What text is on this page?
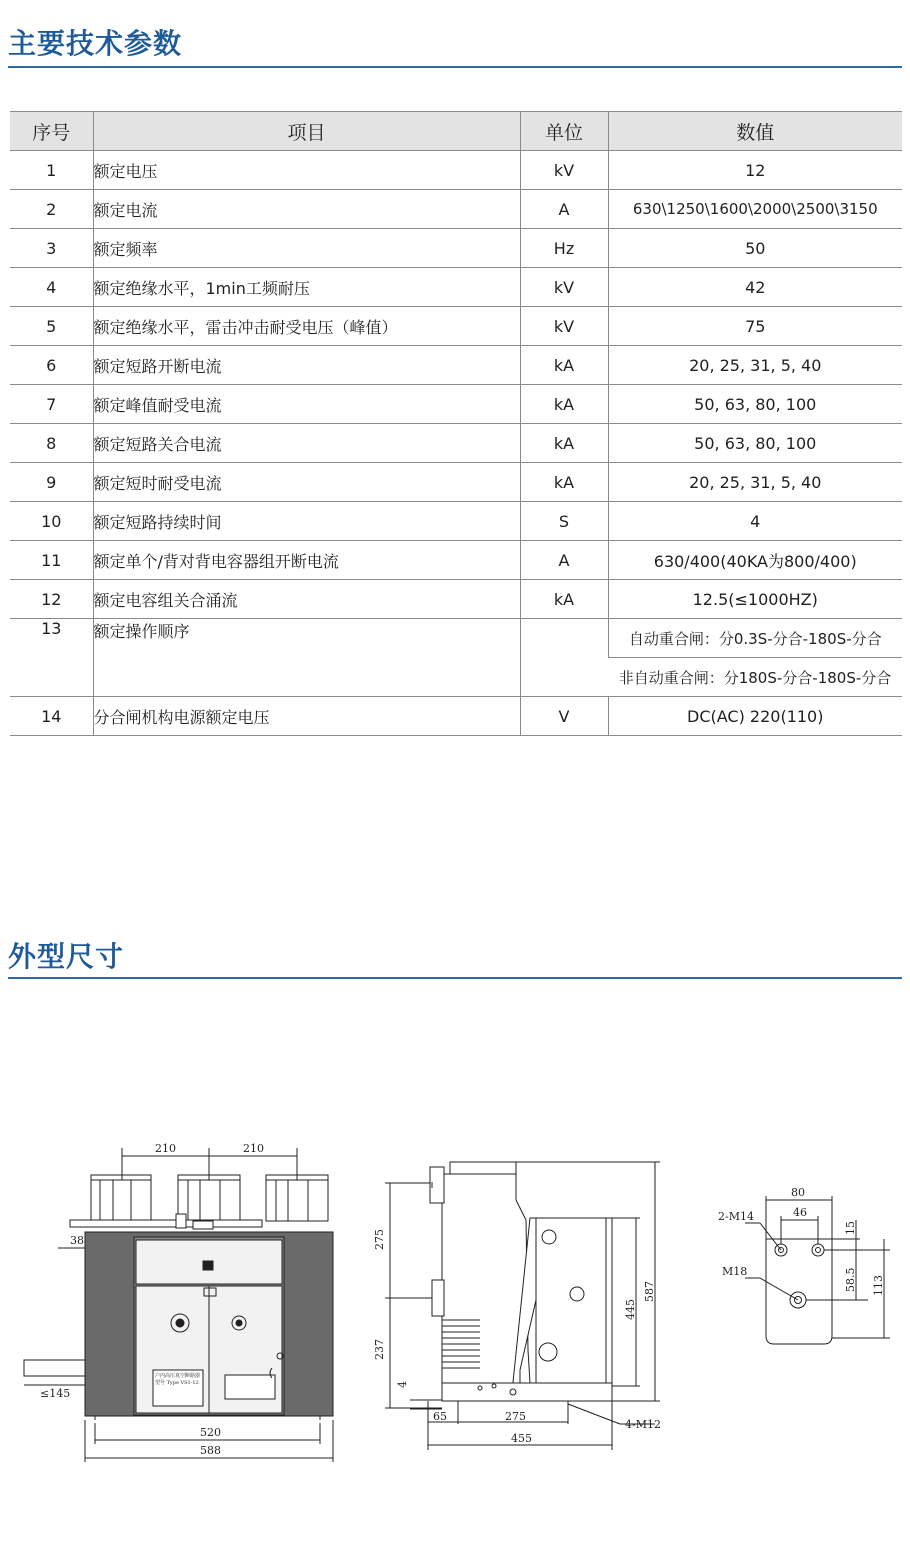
主要技术参数
序号	项目	单位	数值
1	额定电压	kV	12
2	额定电流	A	630\1250\1600\2000\2500\3150
3	额定频率	Hz	50
4	额定绝缘水平，1min工频耐压	kV	42
5	额定绝缘水平，雷击冲击耐受电压（峰值）	kV	75
6	额定短路开断电流	kA	20, 25, 31, 5, 40
7	额定峰值耐受电流	kA	50, 63, 80, 100
8	额定短路关合电流	kA	50, 63, 80, 100
9	额定短时耐受电流	kA	20, 25, 31, 5, 40
10	额定短路持续时间	S	4
11	额定单个/背对背电容器组开断电流	A	630/400(40KA为800/400)
12	额定电容组关合涌流	kA	12.5(≤1000HZ)
13	额定操作顺序		自动重合闸：分0.3S-分合-180S-分合
			非自动重合闸：分180S-分合-180S-分合
14	分合闸机构电源额定电压	V	DC(AC) 220(110)
外型尺寸
户内高压真空断路器
型号 Type VS1-12
210	210
38
≤145
520
588
275
237
4
65	275
455
445
587
4-M12
80
46
15
58.5 113
2-M14
M18
